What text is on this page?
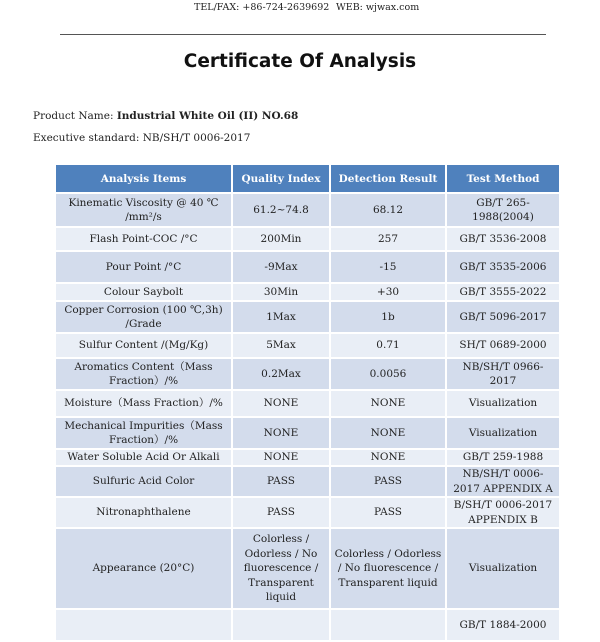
TEL/FAX: +86-724-2639692 WEB: wjwax.com
Certificate Of Analysis
Product Name: Industrial White Oil (II) NO.68
Executive standard: NB/SH/T 0006-2017
Analysis Items	Quality Index	Detection Result	Test Method
Kinematic Viscosity @ 40 ℃ /mm²/s	61.2~74.8	68.12	GB/T 265-1988(2004)
Flash Point-COC /°C	200Min	257	GB/T 3536-2008
Pour Point /°C	-9Max	-15	GB/T 3535-2006
Colour Saybolt	30Min	+30	GB/T 3555-2022
Copper Corrosion (100 ℃,3h) /Grade	1Max	1b	GB/T 5096-2017
Sulfur Content /(Mg/Kg)	5Max	0.71	SH/T 0689-2000
Aromatics Content（Mass Fraction）/%	0.2Max	0.0056	NB/SH/T 0966-2017
Moisture（Mass Fraction）/%	NONE	NONE	Visualization
Mechanical Impurities（Mass Fraction）/%	NONE	NONE	Visualization
Water Soluble Acid Or Alkali	NONE	NONE	GB/T 259-1988
Sulfuric Acid Color	PASS	PASS	NB/SH/T 0006-2017 APPENDIX A
Nitronaphthalene	PASS	PASS	B/SH/T 0006-2017 APPENDIX B
Appearance (20°C)	Colorless / Odorless / No fluorescence / Transparent liquid	Colorless / Odorless / No fluorescence / Transparent liquid	Visualization
			GB/T 1884-2000
